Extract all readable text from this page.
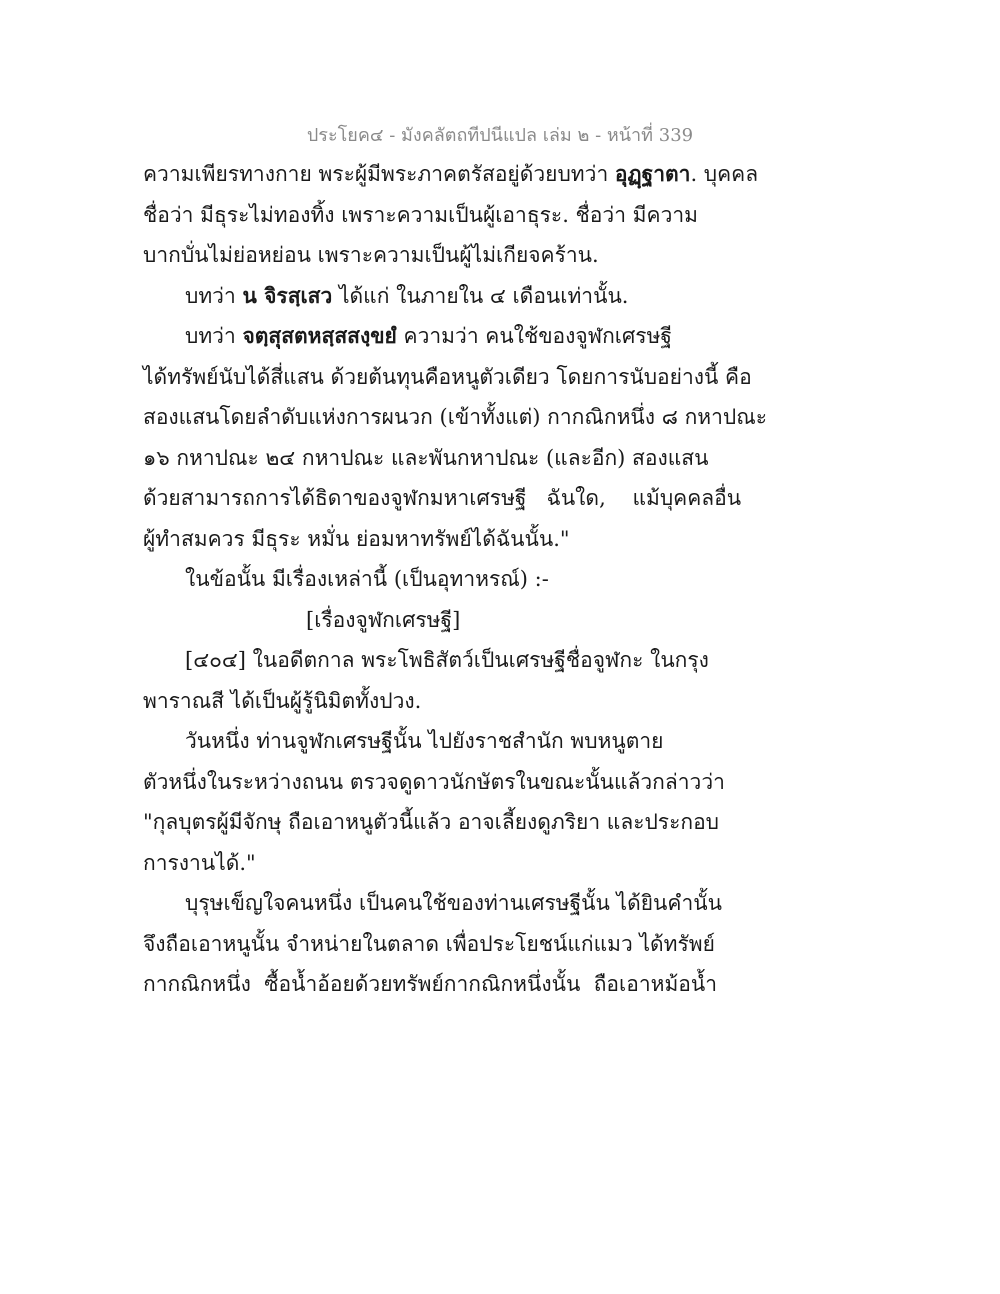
ประโยค๔ - มังคลัตถทีปนีแปล เล่ม ๒ - หน้าที่ 339
ความเพียรทางกาย พระผู้มีพระภาคตรัสอยู่ด้วยบทว่า อุฏฺฐาตา. บุคคล
ชื่อว่า มีธุระไม่ทองทิ้ง เพราะความเป็นผู้เอาธุระ. ชื่อว่า มีความ
บากบั่นไม่ย่อหย่อน เพราะความเป็นผู้ไม่เกียจคร้าน.
บทว่า น จิรสฺเสว ได้แก่ ในภายใน ๔ เดือนเท่านั้น.
บทว่า จตฺสุสตหสฺสสงฺขยํ ความว่า คนใช้ของจูฬกเศรษฐี
ได้ทรัพย์นับได้สี่แสน ด้วยต้นทุนคือหนูตัวเดียว โดยการนับอย่างนี้ คือ
สองแสนโดยลำดับแห่งการผนวก (เข้าทั้งแต่) กากณิกหนึ่ง ๘ กหาปณะ
๑๖ กหาปณะ ๒๔ กหาปณะ และพันกหาปณะ (และอีก) สองแสน
ด้วยสามารถการได้ธิดาของจูฬกมหาเศรษฐี   ฉันใด,    แม้บุคคลอื่น
ผู้ทำสมควร มีธุระ หมั่น ย่อมหาทรัพย์ได้ฉันนั้น."
ในข้อนั้น มีเรื่องเหล่านี้ (เป็นอุทาหรณ์) :-
[เรื่องจูฬกเศรษฐี]
[๔๐๔] ในอดีตกาล พระโพธิสัตว์เป็นเศรษฐีชื่อจูฬกะ ในกรุง
พาราณสี ได้เป็นผู้รู้นิมิตทั้งปวง.
วันหนึ่ง ท่านจูฬกเศรษฐีนั้น ไปยังราชสำนัก พบหนูตาย
ตัวหนึ่งในระหว่างถนน ตรวจดูดาวนักษัตรในขณะนั้นแล้วกล่าวว่า
"กุลบุตรผู้มีจักษุ ถือเอาหนูตัวนี้แล้ว อาจเลี้ยงดูภริยา และประกอบ
การงานได้."
บุรุษเข็ญใจคนหนึ่ง เป็นคนใช้ของท่านเศรษฐีนั้น ได้ยินคำนั้น
จึงถือเอาหนูนั้น จำหน่ายในตลาด เพื่อประโยชน์แก่แมว ได้ทรัพย์
กากณิกหนึ่ง  ซื้อน้ำอ้อยด้วยทรัพย์กากณิกหนึ่งนั้น  ถือเอาหม้อน้ำ
